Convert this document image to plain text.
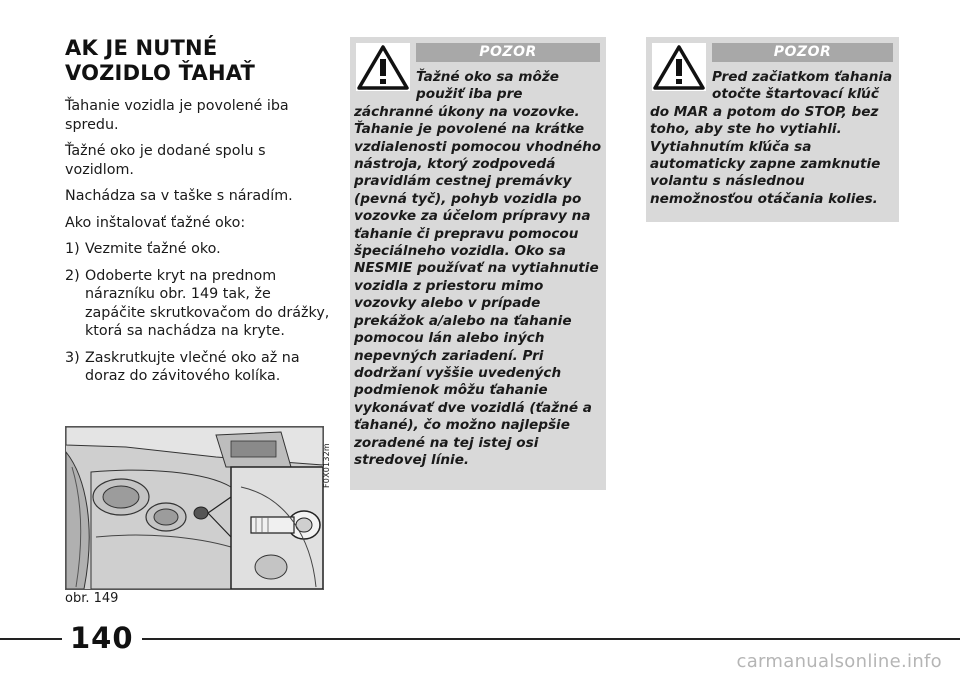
AK JE NUTNÉ
VOZIDLO ŤAHAŤ

Ťahanie vozidla je povolené iba spredu.

Ťažné oko je dodané spolu s vozidlom.

Nachádza sa v taške s náradím.

Ako inštalovať ťažné oko:

1) Vezmite ťažné oko.
2) Odoberte kryt na prednom nárazníku obr. 149 tak, že zapáčite skrutkovačom do drážky, ktorá sa nachádza na kryte.
3) Zaskrutkujte vlečné oko až na doraz do závitového kolíka.
F0X0132m
obr. 149
POZOR
Ťažné oko sa môže použiť iba pre
záchranné úkony na vozovke. Ťahanie je povolené na krátke vzdialenosti pomocou vhodného nástroja, ktorý zodpovedá pravidlám cestnej premávky (pevná tyč), pohyb vozidla po vozovke za účelom prípravy na ťahanie či prepravu pomocou špeciálneho vozidla. Oko sa NESMIE používať na vytiahnutie vozidla z priestoru mimo vozovky alebo v prípade prekážok a/alebo na ťahanie pomocou lán alebo iných nepevných zariadení. Pri dodržaní vyššie uvedených podmienok môžu ťahanie vykonávať dve vozidlá (ťažné a ťahané), čo možno najlepšie zoradené na tej istej osi stredovej línie.
POZOR
Pred začiatkom ťahania otočte štartovací kľúč
do MAR a potom do STOP, bez toho, aby ste ho vytiahli. Vytiahnutím kľúča sa automaticky zapne zamknutie volantu s následnou nemožnosťou otáčania kolies.
140
carmanualsonline.info
